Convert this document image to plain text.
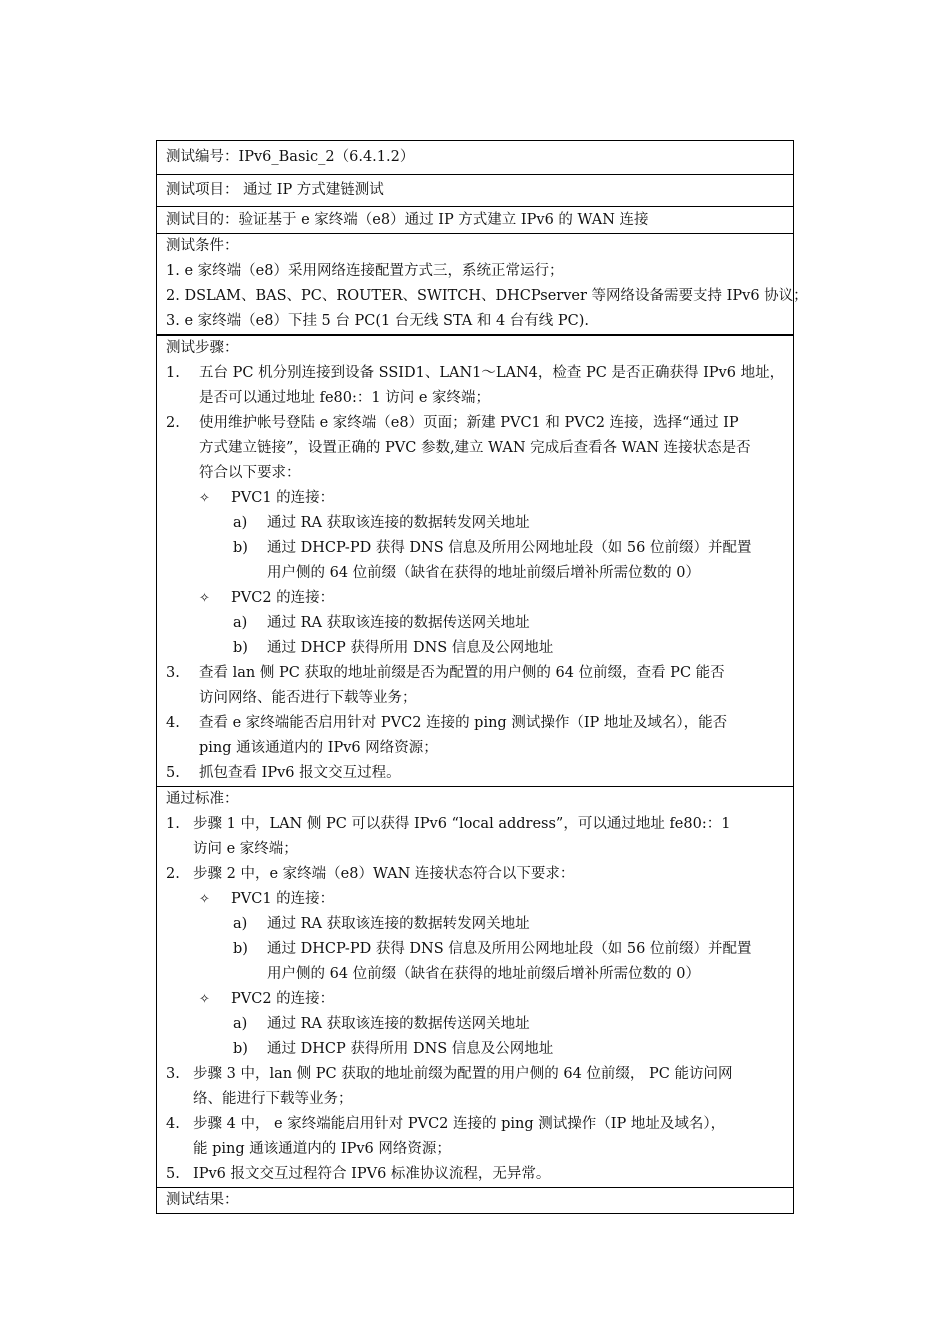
测试编号：IPv6_Basic_2（6.4.1.2）
测试项目： 通过 IP 方式建链测试
测试目的：验证基于 e 家终端（e8）通过 IP 方式建立 IPv6 的 WAN 连接
测试条件：
1. e 家终端（e8）采用网络连接配置方式三，系统正常运行；
2. DSLAM、BAS、PC、ROUTER、SWITCH、DHCPserver 等网络设备需要支持 IPv6 协议；
3. e 家终端（e8）下挂 5 台 PC(1 台无线 STA 和 4 台有线 PC).
测试步骤：
1. 五台 PC 机分别连接到设备 SSID1、LAN1～LAN4，检查 PC 是否正确获得 IPv6 地址，
是否可以通过地址 fe80:：1 访问 e 家终端；
2. 使用维护帐号登陆 e 家终端（e8）页面；新建 PVC1 和 PVC2 连接，选择“通过 IP
方式建立链接”，设置正确的 PVC 参数,建立 WAN 完成后查看各 WAN 连接状态是否
符合以下要求：
✧ PVC1 的连接：
a) 通过 RA 获取该连接的数据转发网关地址
b) 通过 DHCP-PD 获得 DNS 信息及所用公网地址段（如 56 位前缀）并配置
用户侧的 64 位前缀（缺省在获得的地址前缀后增补所需位数的 0）
✧ PVC2 的连接：
a) 通过 RA 获取该连接的数据传送网关地址
b) 通过 DHCP 获得所用 DNS 信息及公网地址
3. 查看 lan 侧 PC 获取的地址前缀是否为配置的用户侧的 64 位前缀，查看 PC 能否
访问网络、能否进行下载等业务；
4. 查看 e 家终端能否启用针对 PVC2 连接的 ping 测试操作（IP 地址及域名），能否
ping 通该通道内的 IPv6 网络资源；
5. 抓包查看 IPv6 报文交互过程。
通过标准：
1. 步骤 1 中，LAN 侧 PC 可以获得 IPv6 “local address”，可以通过地址 fe80:：1
访问 e 家终端；
2. 步骤 2 中，e 家终端（e8）WAN 连接状态符合以下要求：
✧ PVC1 的连接：
a) 通过 RA 获取该连接的数据转发网关地址
b) 通过 DHCP-PD 获得 DNS 信息及所用公网地址段（如 56 位前缀）并配置
用户侧的 64 位前缀（缺省在获得的地址前缀后增补所需位数的 0）
✧ PVC2 的连接：
a) 通过 RA 获取该连接的数据传送网关地址
b) 通过 DHCP 获得所用 DNS 信息及公网地址
3. 步骤 3 中，lan 侧 PC 获取的地址前缀为配置的用户侧的 64 位前缀， PC 能访问网
络、能进行下载等业务；
4. 步骤 4 中， e 家终端能启用针对 PVC2 连接的 ping 测试操作（IP 地址及域名），
能 ping 通该通道内的 IPv6 网络资源；
5. IPv6 报文交互过程符合 IPV6 标准协议流程，无异常。
测试结果：
